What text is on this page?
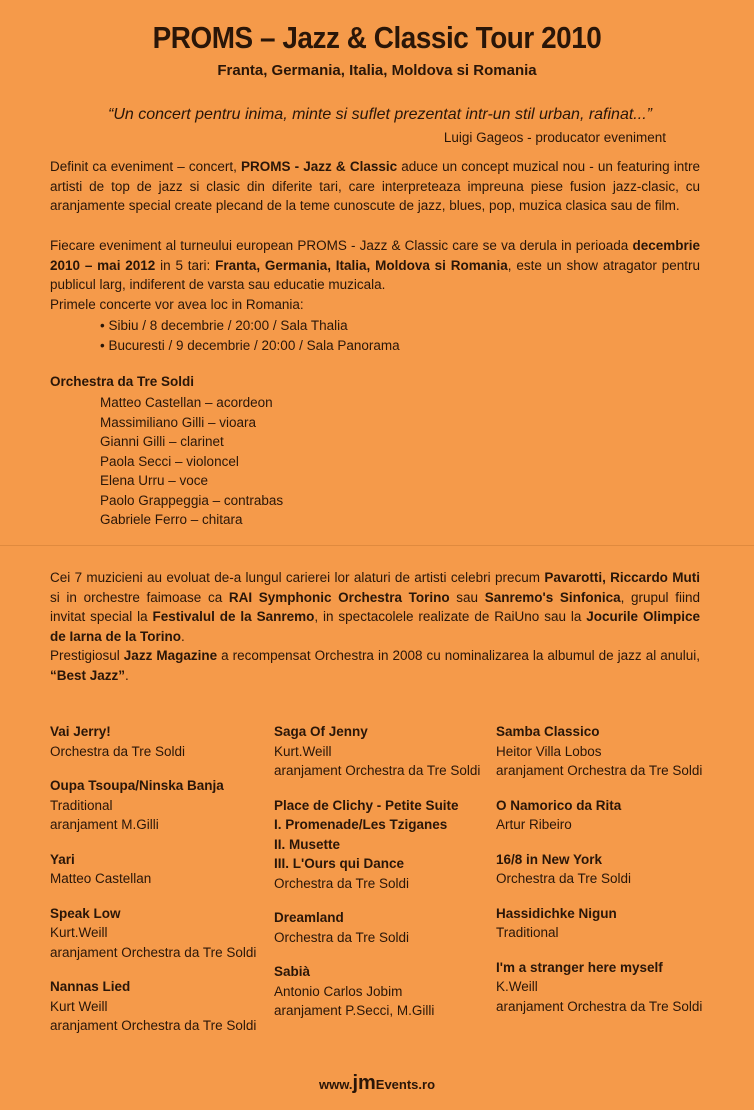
PROMS – Jazz & Classic Tour 2010
Franta, Germania, Italia, Moldova si Romania
“Un concert pentru inima, minte si suflet prezentat intr-un stil urban, rafinat...”
Luigi Gageos - producator eveniment
Definit ca eveniment – concert, PROMS - Jazz & Classic aduce un concept muzical nou - un featuring intre artisti de top de jazz si clasic din diferite tari, care interpreteaza impreuna piese fusion jazz-clasic, cu aranjamente special create plecand de la teme cunoscute de jazz, blues, pop, muzica clasica sau de film.
Fiecare eveniment al turneului european PROMS - Jazz & Classic care se va derula in perioada decembrie 2010 – mai 2012 in 5 tari: Franta, Germania, Italia, Moldova si Romania, este un show atragator pentru publicul larg, indiferent de varsta sau educatie muzicala.
Primele concerte vor avea loc in Romania:
• Sibiu / 8 decembrie / 20:00 / Sala Thalia
• Bucuresti / 9 decembrie / 20:00 / Sala Panorama
Orchestra da Tre Soldi
Matteo Castellan – acordeon
Massimiliano Gilli – vioara
Gianni Gilli – clarinet
Paola Secci – violoncel
Elena Urru – voce
Paolo Grappeggia – contrabas
Gabriele Ferro – chitara
Cei 7 muzicieni au evoluat de-a lungul carierei lor alaturi de artisti celebri precum Pavarotti, Riccardo Muti si in orchestre faimoase ca RAI Symphonic Orchestra Torino sau Sanremo's Sinfonica, grupul fiind invitat special la Festivalul de la Sanremo, in spectacolele realizate de RaiUno sau la Jocurile Olimpice de Iarna de la Torino.
Prestigiosul Jazz Magazine a recompensat Orchestra in 2008 cu nominalizarea la albumul de jazz al anului, “Best Jazz”.
Vai Jerry!
Orchestra da Tre Soldi
Oupa Tsoupa/Ninska Banja
Traditional
aranjament M.Gilli
Yari
Matteo Castellan
Speak Low
Kurt.Weill
aranjament Orchestra da Tre Soldi
Nannas Lied
Kurt Weill
aranjament Orchestra da Tre Soldi
Saga Of Jenny
Kurt.Weill
aranjament Orchestra da Tre Soldi
Place de Clichy - Petite Suite
I. Promenade/Les Tziganes
II. Musette
III. L'Ours qui Dance
Orchestra da Tre Soldi
Dreamland
Orchestra da Tre Soldi
Sabià
Antonio Carlos Jobim
aranjament P.Secci, M.Gilli
Samba Classico
Heitor Villa Lobos
aranjament Orchestra da Tre Soldi
O Namorico da Rita
Artur Ribeiro
16/8 in New York
Orchestra da Tre Soldi
Hassidichke Nigun
Traditional
I'm a stranger here myself
K.Weill
aranjament Orchestra da Tre Soldi
www.jmEvents.ro
